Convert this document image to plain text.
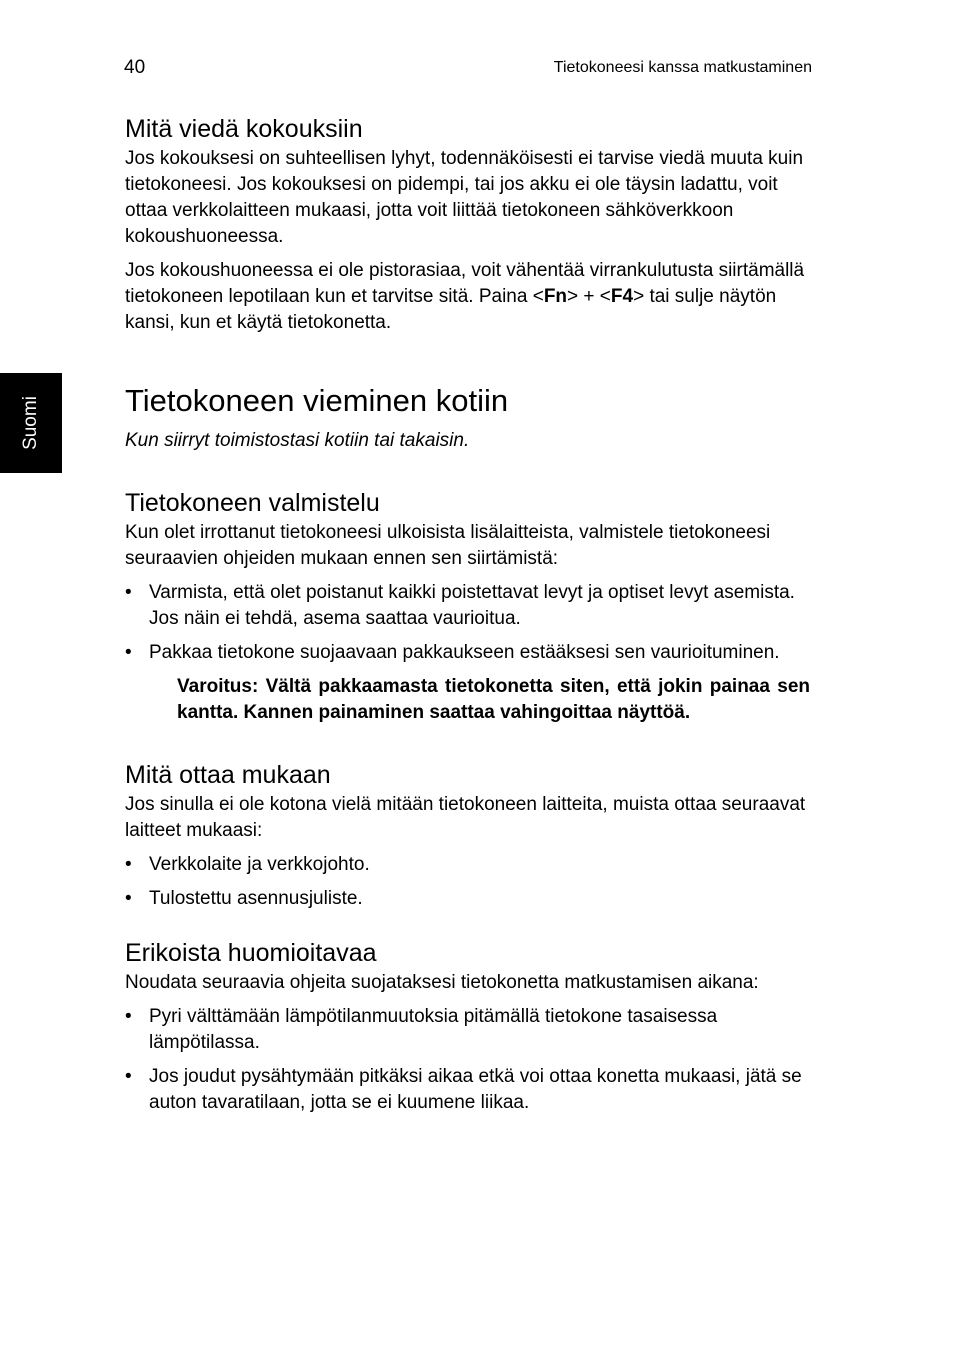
40	Tietokoneesi kanssa matkustaminen
Suomi
Mitä viedä kokouksiin

Jos kokouksesi on suhteellisen lyhyt, todennäköisesti ei tarvise viedä muuta kuin tietokoneesi. Jos kokouksesi on pidempi, tai jos akku ei ole täysin ladattu, voit ottaa verkkolaitteen mukaasi, jotta voit liittää tietokoneen sähköverkkoon kokoushuoneessa.

Jos kokoushuoneessa ei ole pistorasiaa, voit vähentää virrankulutusta siirtämällä tietokoneen lepotilaan kun et tarvitse sitä. Paina <Fn> + <F4> tai sulje näytön kansi, kun et käytä tietokonetta.

Tietokoneen vieminen kotiin

Kun siirryt toimistostasi kotiin tai takaisin.

Tietokoneen valmistelu

Kun olet irrottanut tietokoneesi ulkoisista lisälaitteista, valmistele tietokoneesi seuraavien ohjeiden mukaan ennen sen siirtämistä:

• Varmista, että olet poistanut kaikki poistettavat levyt ja optiset levyt asemista. Jos näin ei tehdä, asema saattaa vaurioitua.
• Pakkaa tietokone suojaavaan pakkaukseen estääksesi sen vaurioituminen.

Varoitus: Vältä pakkaamasta tietokonetta siten, että jokin painaa sen kantta. Kannen painaminen saattaa vahingoittaa näyttöä.

Mitä ottaa mukaan

Jos sinulla ei ole kotona vielä mitään tietokoneen laitteita, muista ottaa seuraavat laitteet mukaasi:

• Verkkolaite ja verkkojohto.
• Tulostettu asennusjuliste.
Erikoista huomioitavaa

Noudata seuraavia ohjeita suojataksesi tietokonetta matkustamisen aikana:

• Pyri välttämään lämpötilanmuutoksia pitämällä tietokone tasaisessa lämpötilassa.
• Jos joudut pysähtymään pitkäksi aikaa etkä voi ottaa konetta mukaasi, jätä se auton tavaratilaan, jotta se ei kuumene liikaa.
